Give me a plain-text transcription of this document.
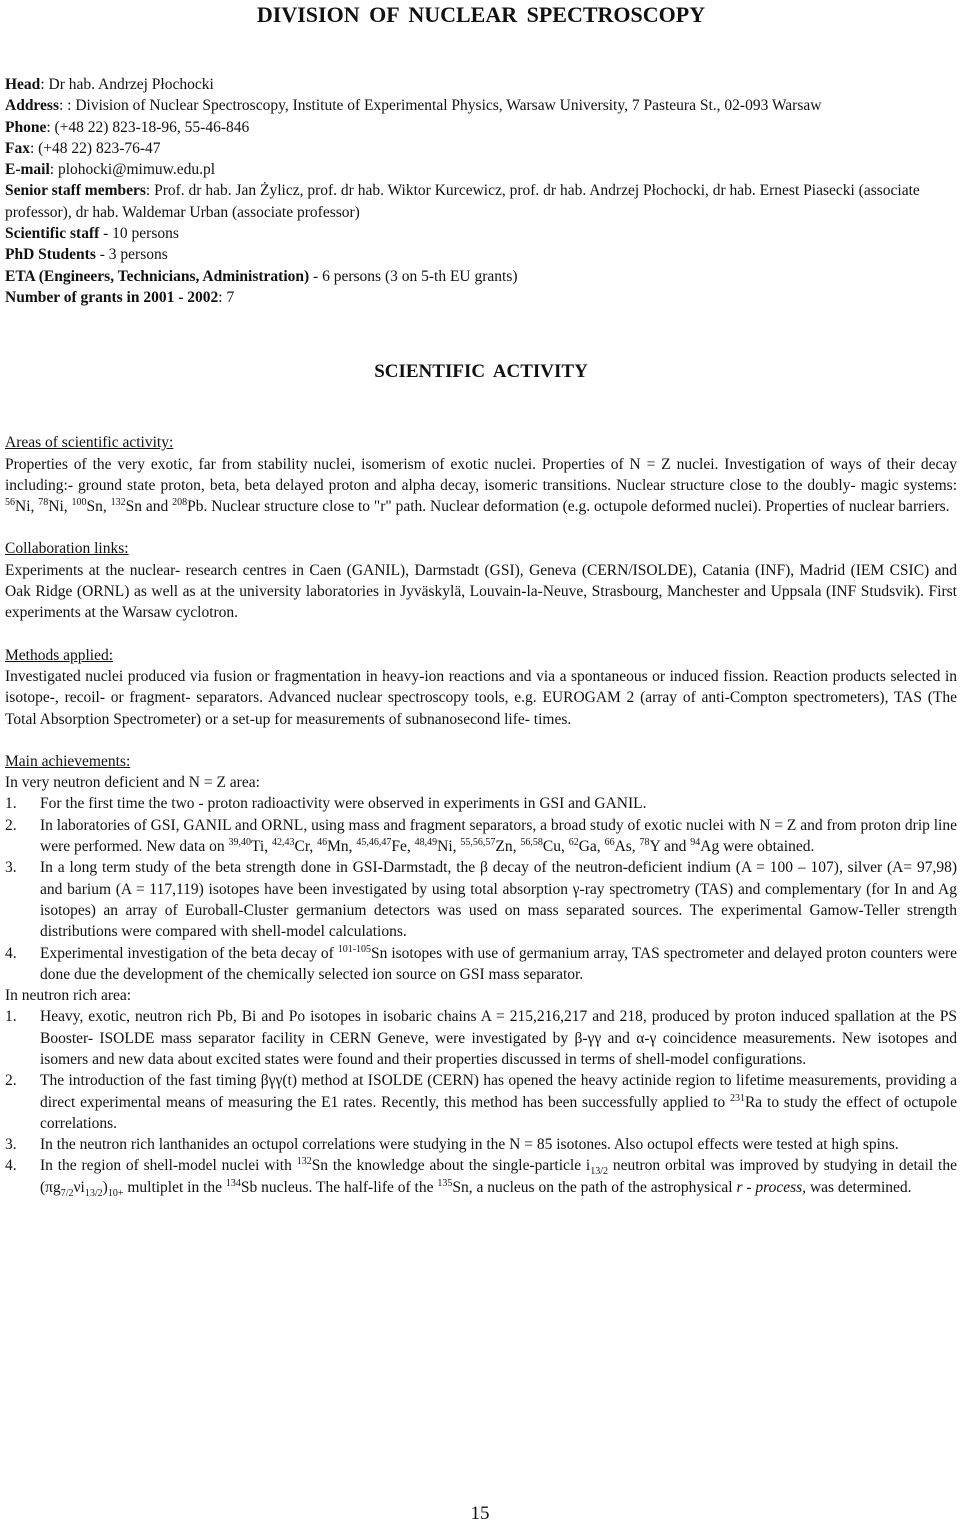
DIVISION OF NUCLEAR SPECTROSCOPY
Head: Dr hab. Andrzej Płochocki
Address: : Division of Nuclear Spectroscopy, Institute of Experimental Physics, Warsaw University, 7 Pasteura St., 02-093 Warsaw
Phone: (+48 22) 823-18-96, 55-46-846
Fax: (+48 22) 823-76-47
E-mail: plohocki@mimuw.edu.pl
Senior staff members: Prof. dr hab. Jan Żylicz, prof. dr hab. Wiktor Kurcewicz, prof. dr hab. Andrzej Płochocki, dr hab. Ernest Piasecki (associate professor), dr hab. Waldemar Urban (associate professor)
Scientific staff - 10 persons
PhD Students - 3 persons
ETA (Engineers, Technicians, Administration) - 6 persons (3 on 5-th EU grants)
Number of grants in 2001 - 2002: 7
SCIENTIFIC ACTIVITY
Areas of scientific activity:
Properties of the very exotic, far from stability nuclei, isomerism of exotic nuclei. Properties of N = Z nuclei. Investigation of ways of their decay including:- ground state proton, beta, beta delayed proton and alpha decay, isomeric transitions. Nuclear structure close to the doubly- magic systems: $^{56}$Ni, $^{78}$Ni, $^{100}$Sn, $^{132}$Sn and $^{208}$Pb. Nuclear structure close to "r" path. Nuclear deformation (e.g. octupole deformed nuclei). Properties of nuclear barriers.
Collaboration links:
Experiments at the nuclear- research centres in Caen (GANIL), Darmstadt (GSI), Geneva (CERN/ISOLDE), Catania (INF), Madrid (IEM CSIC) and Oak Ridge (ORNL) as well as at the university laboratories in Jyväskylä, Louvain-la-Neuve, Strasbourg, Manchester and Uppsala (INF Studsvik). First experiments at the Warsaw cyclotron.
Methods applied:
Investigated nuclei produced via fusion or fragmentation in heavy-ion reactions and via a spontaneous or induced fission. Reaction products selected in isotope-, recoil- or fragment- separators. Advanced nuclear spectroscopy tools, e.g. EUROGAM 2 (array of anti-Compton spectrometers), TAS (The Total Absorption Spectrometer) or a set-up for measurements of subnanosecond life- times.
Main achievements:
In very neutron deficient and N = Z area:
1. For the first time the two - proton radioactivity were observed in experiments in GSI and GANIL.
2. In laboratories of GSI, GANIL and ORNL, using mass and fragment separators, a broad study of exotic nuclei with N = Z and from proton drip line were performed. New data on $^{39,40}$Ti, $^{42,43}$Cr, $^{46}$Mn, $^{45,46,47}$Fe, $^{48,49}$Ni, $^{55,56,57}$Zn, $^{56,58}$Cu, $^{62}$Ga, $^{66}$As, $^{78}$Y and $^{94}$Ag were obtained.
3. In a long term study of the beta strength done in GSI-Darmstadt, the β decay of the neutron-deficient indium (A = 100 – 107), silver (A= 97,98) and barium (A = 117,119) isotopes have been investigated by using total absorption γ-ray spectrometry (TAS) and complementary (for In and Ag isotopes) an array of Euroball-Cluster germanium detectors was used on mass separated sources. The experimental Gamow-Teller strength distributions were compared with shell-model calculations.
4. Experimental investigation of the beta decay of $^{101-105}$Sn isotopes with use of germanium array, TAS spectrometer and delayed proton counters were done due the development of the chemically selected ion source on GSI mass separator.
In neutron rich area:
1. Heavy, exotic, neutron rich Pb, Bi and Po isotopes in isobaric chains A = 215,216,217 and 218, produced by proton induced spallation at the PS Booster- ISOLDE mass separator facility in CERN Geneve, were investigated by β-γγ and α-γ coincidence measurements. New isotopes and isomers and new data about excited states were found and their properties discussed in terms of shell-model configurations.
2. The introduction of the fast timing βγγ(t) method at ISOLDE (CERN) has opened the heavy actinide region to lifetime measurements, providing a direct experimental means of measuring the E1 rates. Recently, this method has been successfully applied to $^{231}$Ra to study the effect of octupole correlations.
3. In the neutron rich lanthanides an octupol correlations were studying in the N = 85 isotones. Also octupol effects were tested at high spins.
4. In the region of shell-model nuclei with $^{132}$Sn the knowledge about the single-particle $i_{13/2}$ neutron orbital was improved by studying in detail the $(\pi g_{7/2}\nu i_{13/2})_{10+}$ multiplet in the $^{134}$Sb nucleus. The half-life of the $^{135}$Sn, a nucleus on the path of the astrophysical r - process, was determined.
15
